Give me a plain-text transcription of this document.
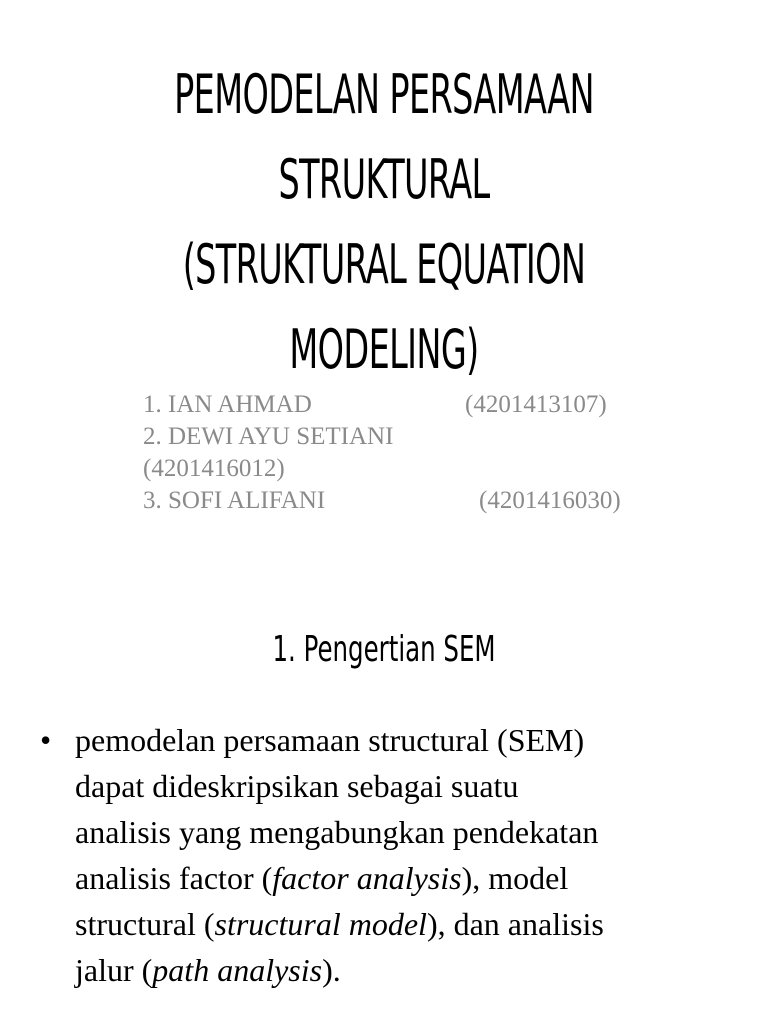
PEMODELAN PERSAMAAN
STRUKTURAL
(STRUKTURAL EQUATION
MODELING)
1. IAN AHMAD	(4201413107)
2. DEWI AYU SETIANI
(4201416012)
3. SOFI ALIFANI	(4201416030)
1. Pengertian SEM
• pemodelan persamaan structural (SEM)
dapat dideskripsikan sebagai suatu
analisis yang mengabungkan pendekatan
analisis factor (factor analysis), model
structural (structural model), dan analisis
jalur (path analysis).
